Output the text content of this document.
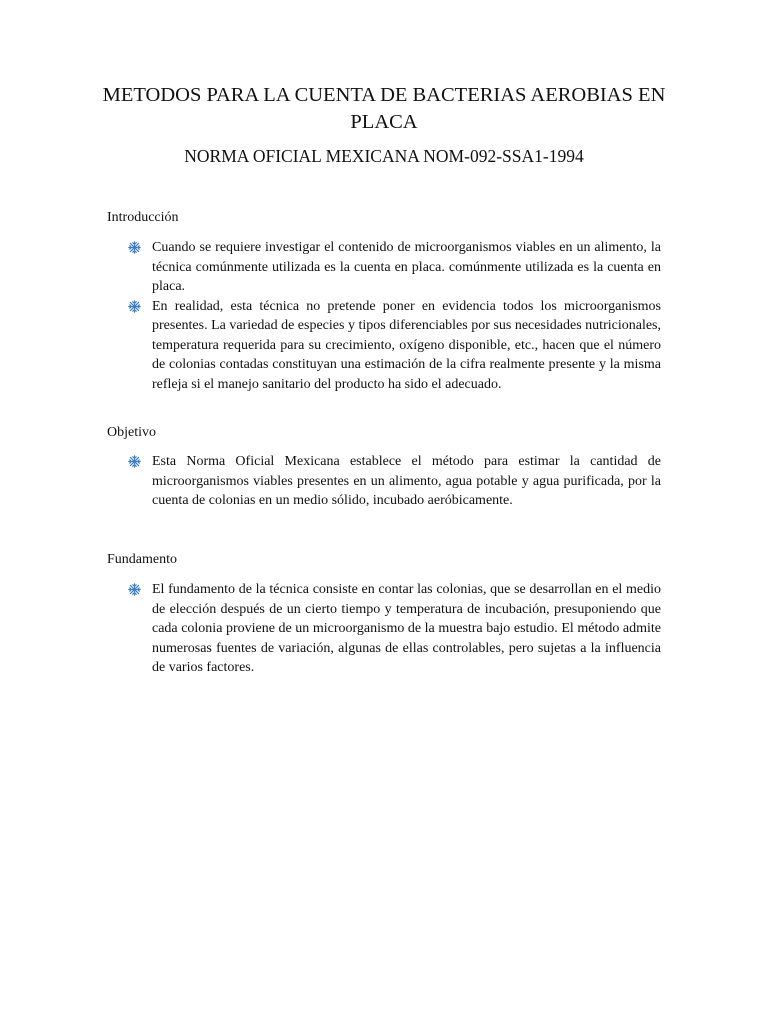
METODOS PARA LA CUENTA DE BACTERIAS AEROBIAS EN PLACA
NORMA OFICIAL MEXICANA NOM-092-SSA1-1994
Introducción

Cuando se requiere investigar el contenido de microorganismos viables en un alimento, la técnica comúnmente utilizada es la cuenta en placa. comúnmente utilizada es la cuenta en placa.

En realidad, esta técnica no pretende poner en evidencia todos los microorganismos presentes. La variedad de especies y tipos diferenciables por sus necesidades nutricionales, temperatura requerida para su crecimiento, oxígeno disponible, etc., hacen que el número de colonias contadas constituyan una estimación de la cifra realmente presente y la misma refleja si el manejo sanitario del producto ha sido el adecuado.

Objetivo

Esta Norma Oficial Mexicana establece el método para estimar la cantidad de microorganismos viables presentes en un alimento, agua potable y agua purificada, por la cuenta de colonias en un medio sólido, incubado aeróbicamente.

Fundamento

El fundamento de la técnica consiste en contar las colonias, que se desarrollan en el medio de elección después de un cierto tiempo y temperatura de incubación, presuponiendo que cada colonia proviene de un microorganismo de la muestra bajo estudio. El método admite numerosas fuentes de variación, algunas de ellas controlables, pero sujetas a la influencia de varios factores.
